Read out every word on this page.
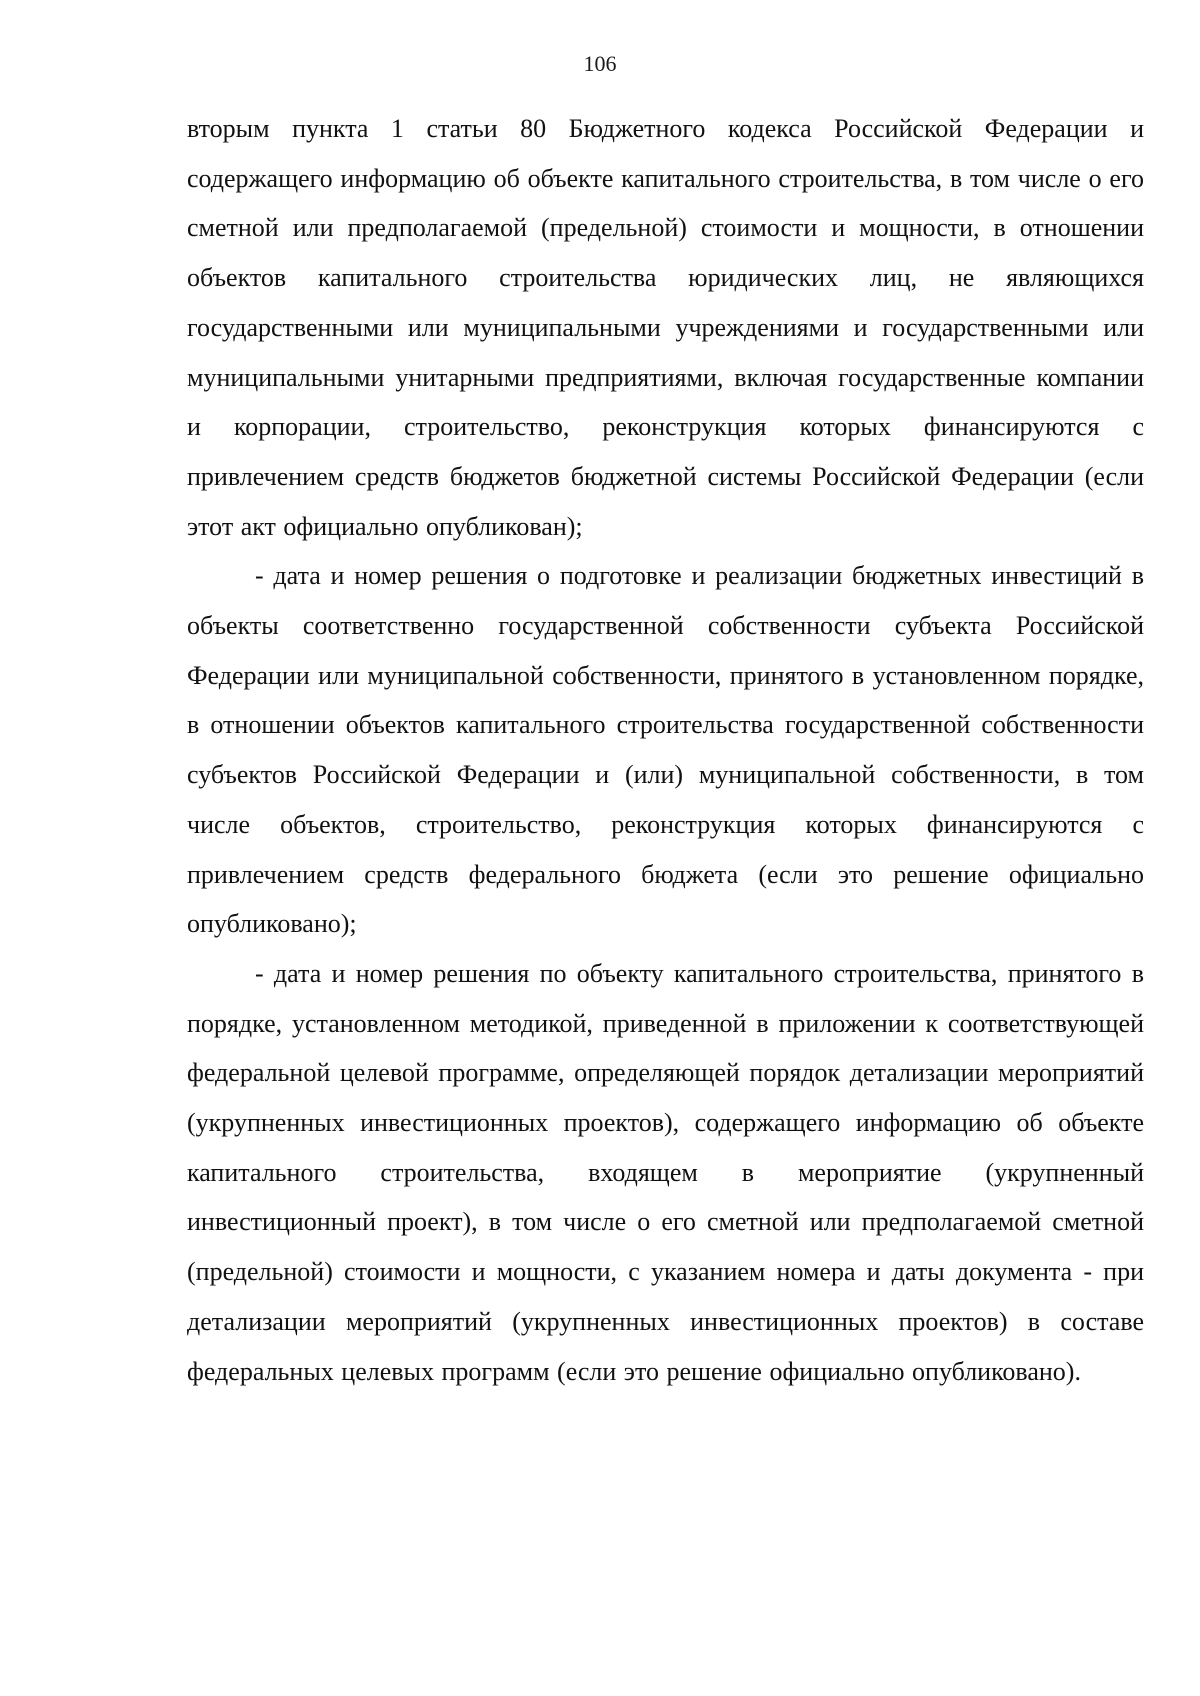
106

вторым пункта 1 статьи 80 Бюджетного кодекса Российской Федерации и содержащего информацию об объекте капитального строительства, в том числе о его сметной или предполагаемой (предельной) стоимости и мощности, в отношении объектов капитального строительства юридических лиц, не являющихся государственными или муниципальными учреждениями и государственными или муниципальными унитарными предприятиями, включая государственные компании и корпорации, строительство, реконструкция которых финансируются с привлечением средств бюджетов бюджетной системы Российской Федерации (если этот акт официально опубликован);

- дата и номер решения о подготовке и реализации бюджетных инвестиций в объекты соответственно государственной собственности субъекта Российской Федерации или муниципальной собственности, принятого в установленном порядке, в отношении объектов капитального строительства государственной собственности субъектов Российской Федерации и (или) муниципальной собственности, в том числе объектов, строительство, реконструкция которых финансируются с привлечением средств федерального бюджета (если это решение официально опубликовано);

- дата и номер решения по объекту капитального строительства, принятого в порядке, установленном методикой, приведенной в приложении к соответствующей федеральной целевой программе, определяющей порядок детализации мероприятий (укрупненных инвестиционных проектов), содержащего информацию об объекте капитального строительства, входящем в мероприятие (укрупненный инвестиционный проект), в том числе о его сметной или предполагаемой сметной (предельной) стоимости и мощности, с указанием номера и даты документа - при детализации мероприятий (укрупненных инвестиционных проектов) в составе федеральных целевых программ (если это решение официально опубликовано).
